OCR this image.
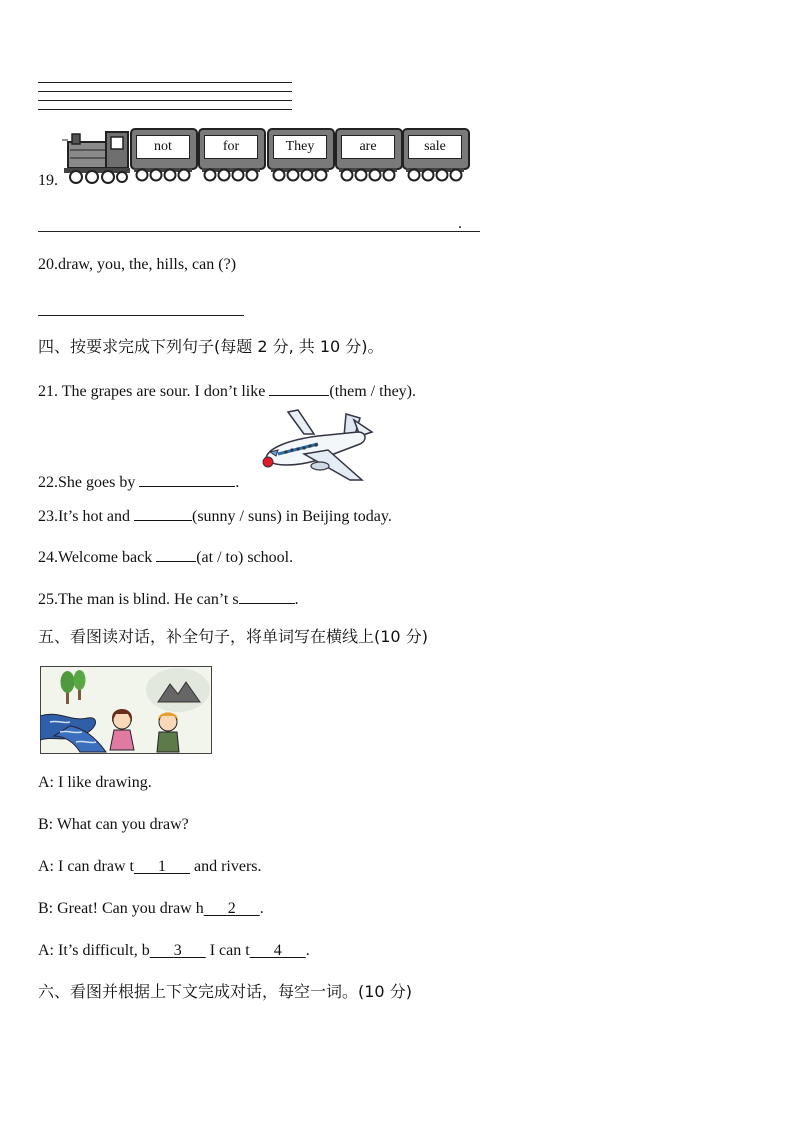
19.
not	for	They	are	sale
.
20.draw, you, the, hills, can (?)
四、按要求完成下列句子(每题 2 分, 共 10 分)。
21. The grapes are sour. I don’t like	(them / they).
22.She goes by	.
23.It’s hot and	(sunny / suns) in Beijing today.
24.Welcome back	(at / to) school.
25.The man is blind. He can’t s	.
五、看图读对话，补全句子，将单词写在横线上(10 分)
A: I like drawing.
B: What can you draw?
A: I can draw t 1       and rivers.
B: Great! Can you draw h 2 .
A: It’s difficult, b 3       I can t 4 .
六、看图并根据上下文完成对话，每空一词。(10 分)
